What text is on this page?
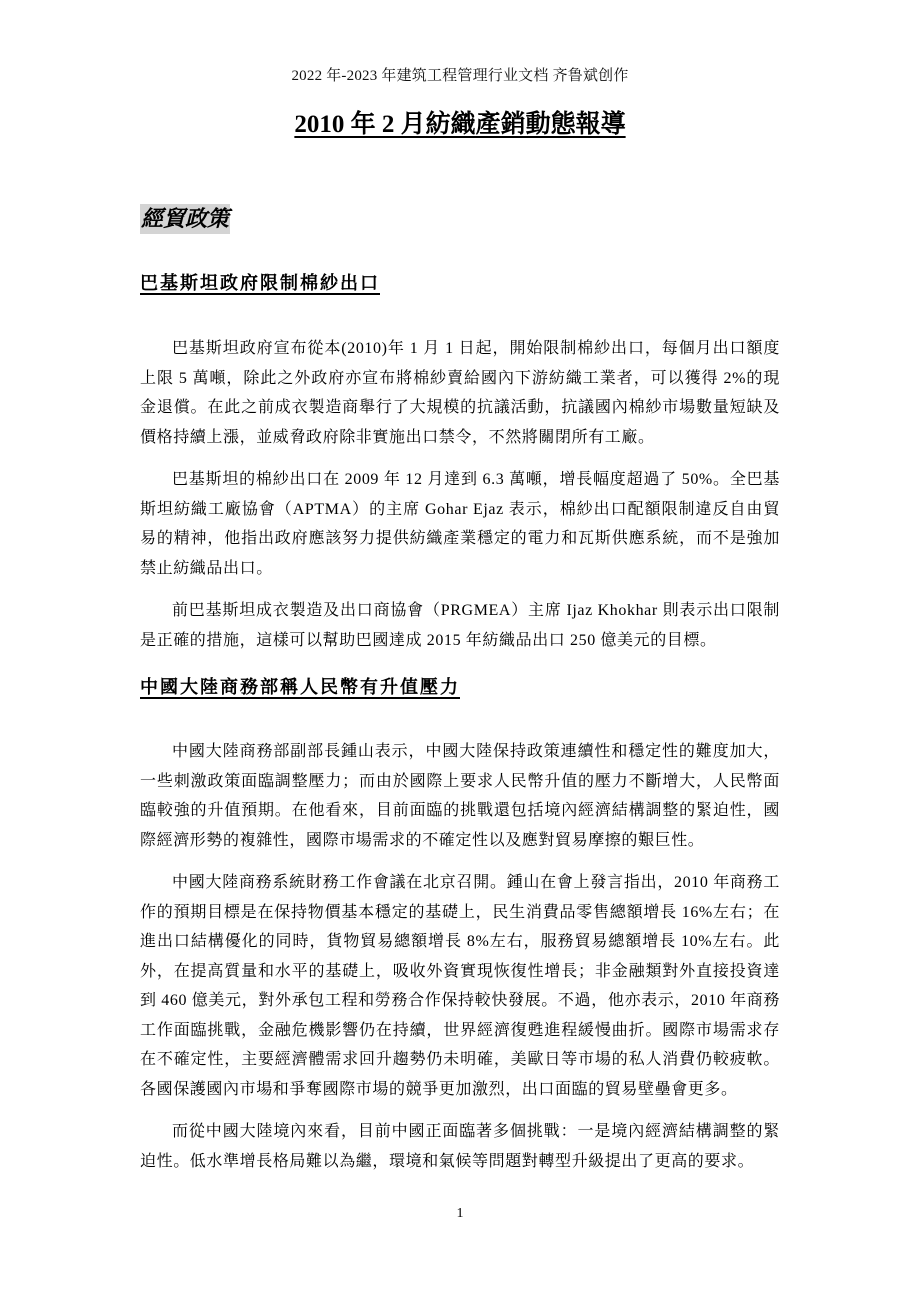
2022 年-2023 年建筑工程管理行业文档 齐鲁斌创作
2010 年 2 月紡織產銷動態報導
經貿政策
巴基斯坦政府限制棉紗出口

巴基斯坦政府宣布從本(2010)年 1 月 1 日起，開始限制棉紗出口，每個月出口額度上限 5 萬噸，除此之外政府亦宣布將棉紗賣給國內下游紡織工業者，可以獲得 2%的現金退償。在此之前成衣製造商舉行了大規模的抗議活動，抗議國內棉紗市場數量短缺及價格持續上漲，並威脅政府除非實施出口禁令，不然將關閉所有工廠。

巴基斯坦的棉紗出口在 2009 年 12 月達到 6.3 萬噸，增長幅度超過了 50%。全巴基斯坦紡織工廠協會（APTMA）的主席 Gohar Ejaz 表示，棉紗出口配額限制違反自由貿易的精神，他指出政府應該努力提供紡織產業穩定的電力和瓦斯供應系統，而不是強加禁止紡織品出口。

前巴基斯坦成衣製造及出口商協會（PRGMEA）主席 Ijaz Khokhar 則表示出口限制是正確的措施，這樣可以幫助巴國達成 2015 年紡織品出口 250 億美元的目標。

中國大陸商務部稱人民幣有升值壓力

中國大陸商務部副部長鍾山表示，中國大陸保持政策連續性和穩定性的難度加大，一些刺激政策面臨調整壓力；而由於國際上要求人民幣升值的壓力不斷增大，人民幣面臨較強的升值預期。在他看來，目前面臨的挑戰還包括境內經濟結構調整的緊迫性，國際經濟形勢的複雜性，國際市場需求的不確定性以及應對貿易摩擦的艱巨性。

中國大陸商務系統財務工作會議在北京召開。鍾山在會上發言指出，2010 年商務工作的預期目標是在保持物價基本穩定的基礎上，民生消費品零售總額增長 16%左右；在進出口結構優化的同時，貨物貿易總額增長 8%左右，服務貿易總額增長 10%左右。此外，在提高質量和水平的基礎上，吸收外資實現恢復性增長；非金融類對外直接投資達到 460 億美元，對外承包工程和勞務合作保持較快發展。不過，他亦表示，2010 年商務工作面臨挑戰，金融危機影響仍在持續，世界經濟復甦進程緩慢曲折。國際市場需求存在不確定性，主要經濟體需求回升趨勢仍未明確，美歐日等市場的私人消費仍較疲軟。各國保護國內市場和爭奪國際市場的競爭更加激烈，出口面臨的貿易壁壘會更多。

而從中國大陸境內來看，目前中國正面臨著多個挑戰：一是境內經濟結構調整的緊迫性。低水準增長格局難以為繼，環境和氣候等問題對轉型升級提出了更高的要求。

1
